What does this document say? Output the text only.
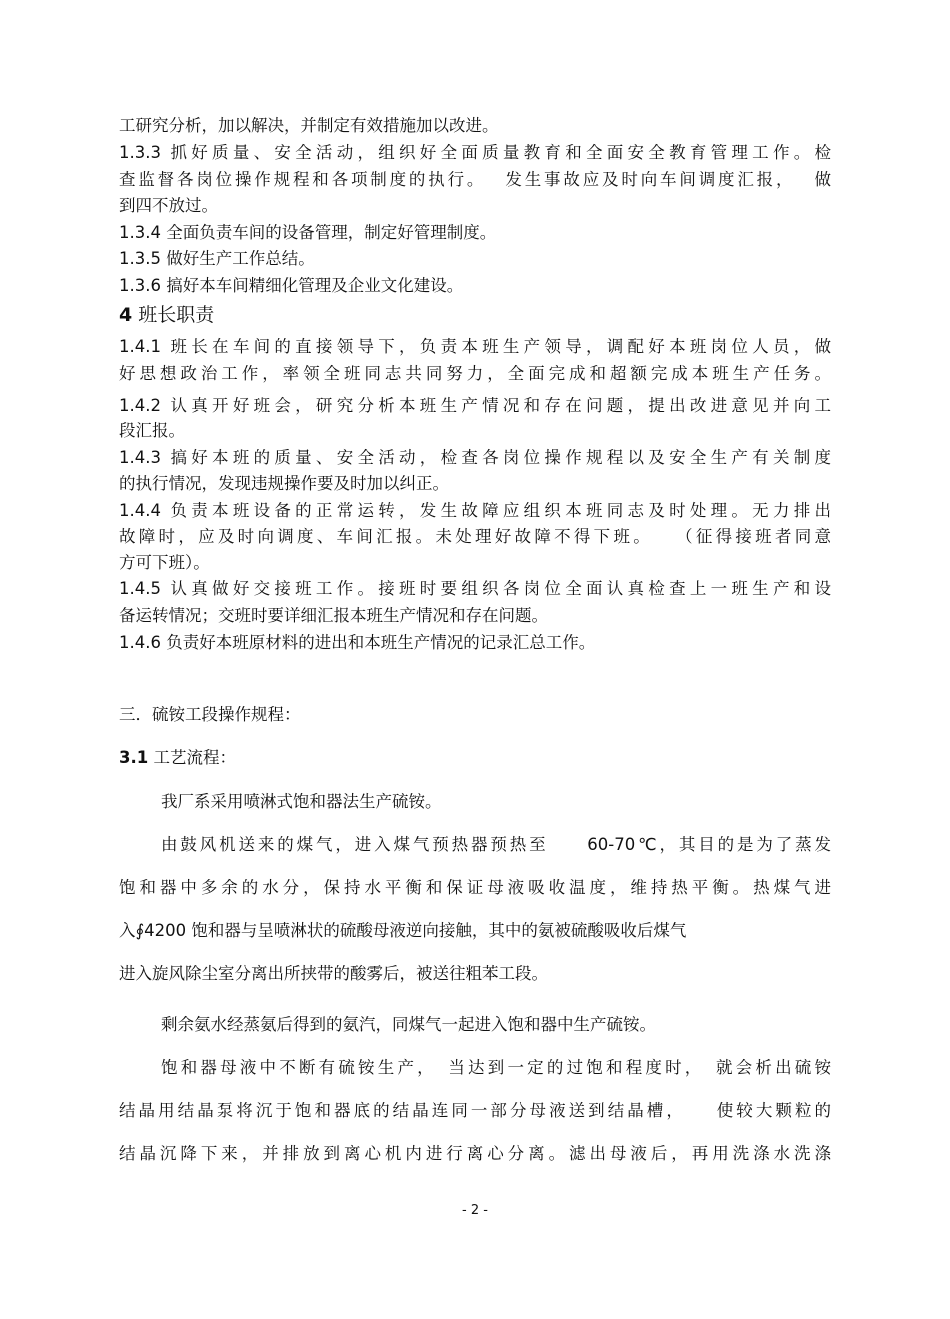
工研究分析，加以解决，并制定有效措施加以改进。
1.3.3 抓好质量、安全活动，组织好全面质量教育和全面安全教育管理工作。检
查监督各岗位操作规程和各项制度的执行。　 发生事故应及时向车间调度汇报，　 做
到四不放过。
1.3.4 全面负责车间的设备管理，制定好管理制度。
1.3.5 做好生产工作总结。
1.3.6 搞好本车间精细化管理及企业文化建设。
4 班长职责
1.4.1 班长在车间的直接领导下，负责本班生产领导，调配好本班岗位人员，做
好思想政治工作，率领全班同志共同努力，全面完成和超额完成本班生产任务。
1.4.2 认真开好班会，研究分析本班生产情况和存在问题，提出改进意见并向工
段汇报。
1.4.3 搞好本班的质量、安全活动，检查各岗位操作规程以及安全生产有关制度
的执行情况，发现违规操作要及时加以纠正。
1.4.4 负责本班设备的正常运转，发生故障应组织本班同志及时处理。无力排出
故障时，应及时向调度、车间汇报。未处理好故障不得下班。　　（征得接班者同意
方可下班）。
1.4.5 认真做好交接班工作。接班时要组织各岗位全面认真检查上一班生产和设
备运转情况；交班时要详细汇报本班生产情况和存在问题。
1.4.6 负责好本班原材料的进出和本班生产情况的记录汇总工作。
三．硫铵工段操作规程：
3.1 工艺流程：
我厂系采用喷淋式饱和器法生产硫铵。
由鼓风机送来的煤气，进入煤气预热器预热至　　60-70℃，其目的是为了蒸发
饱和器中多余的水分，保持水平衡和保证母液吸收温度，维持热平衡。热煤气进
入∮4200 饱和器与呈喷淋状的硫酸母液逆向接触，其中的氨被硫酸吸收后煤气
进入旋风除尘室分离出所挟带的酸雾后，被送往粗苯工段。
剩余氨水经蒸氨后得到的氨汽，同煤气一起进入饱和器中生产硫铵。
饱和器母液中不断有硫铵生产，　当达到一定的过饱和程度时，　就会析出硫铵
结晶用结晶泵将沉于饱和器底的结晶连同一部分母液送到结晶槽，　　使较大颗粒的
结晶沉降下来，并排放到离心机内进行离心分离。滤出母液后，再用洗涤水洗涤
- 2 -
